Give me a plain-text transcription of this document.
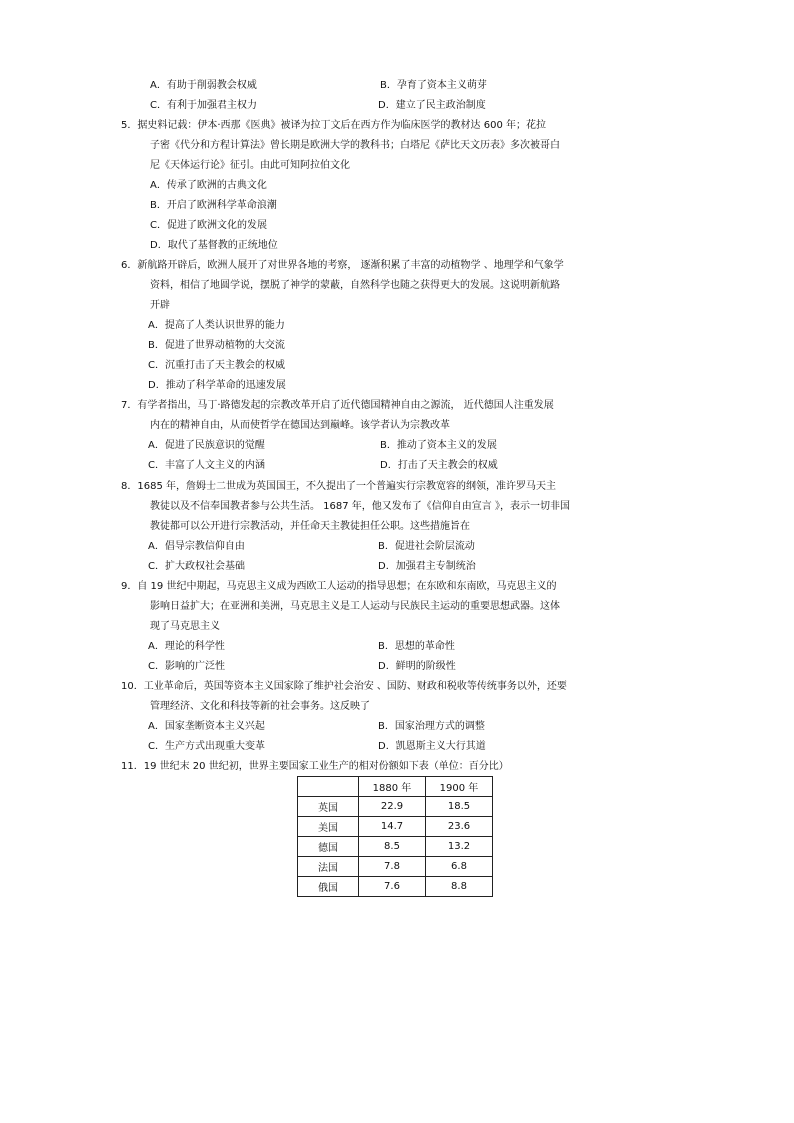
A．有助于削弱教会权威	B．孕育了资本主义萌芽
C．有利于加强君主权力	D．建立了民主政治制度
5．据史料记载：伊本·西那《医典》被译为拉丁文后在西方作为临床医学的教材达 600 年；花拉
子密《代分和方程计算法》曾长期是欧洲大学的教科书；白塔尼《萨比天文历表》多次被哥白
尼《天体运行论》征引。由此可知阿拉伯文化
A．传承了欧洲的古典文化
B．开启了欧洲科学革命浪潮
C．促进了欧洲文化的发展
D．取代了基督教的正统地位
6．新航路开辟后，欧洲人展开了对世界各地的考察， 逐渐积累了丰富的动植物学 、地理学和气象学
资料，相信了地圆学说，摆脱了神学的蒙蔽，自然科学也随之获得更大的发展。这说明新航路
开辟
A．提高了人类认识世界的能力
B．促进了世界动植物的大交流
C．沉重打击了天主教会的权威
D．推动了科学革命的迅速发展
7．有学者指出，马丁·路德发起的宗教改革开启了近代德国精神自由之源流， 近代德国人注重发展
内在的精神自由，从而使哲学在德国达到巅峰。该学者认为宗教改革
A．促进了民族意识的觉醒	B．推动了资本主义的发展
C．丰富了人文主义的内涵	D．打击了天主教会的权威
8．1685 年，詹姆士二世成为英国国王，不久提出了一个普遍实行宗教宽容的纲领，准许罗马天主
教徒以及不信奉国教者参与公共生活。 1687 年，他又发布了《信仰自由宣言 》，表示一切非国
教徒都可以公开进行宗教活动，并任命天主教徒担任公职。这些措施旨在
A．倡导宗教信仰自由	B．促进社会阶层流动
C．扩大政权社会基础	D．加强君主专制统治
9．自 19 世纪中期起，马克思主义成为西欧工人运动的指导思想；在东欧和东南欧，马克思主义的
影响日益扩大；在亚洲和美洲，马克思主义是工人运动与民族民主运动的重要思想武器。这体
现了马克思主义
A．理论的科学性	B．思想的革命性
C．影响的广泛性	D．鲜明的阶级性
10．工业革命后，英国等资本主义国家除了维护社会治安 、国防、财政和税收等传统事务以外，还要
管理经济、文化和科技等新的社会事务。这反映了
A．国家垄断资本主义兴起	B．国家治理方式的调整
C．生产方式出现重大变革	D．凯恩斯主义大行其道
11．19 世纪末 20 世纪初，世界主要国家工业生产的相对份额如下表（单位：百分比）
	1880 年	1900 年
英国	22.9	18.5
美国	14.7	23.6
德国	8.5	13.2
法国	7.8	6.8
俄国	7.6	8.8
